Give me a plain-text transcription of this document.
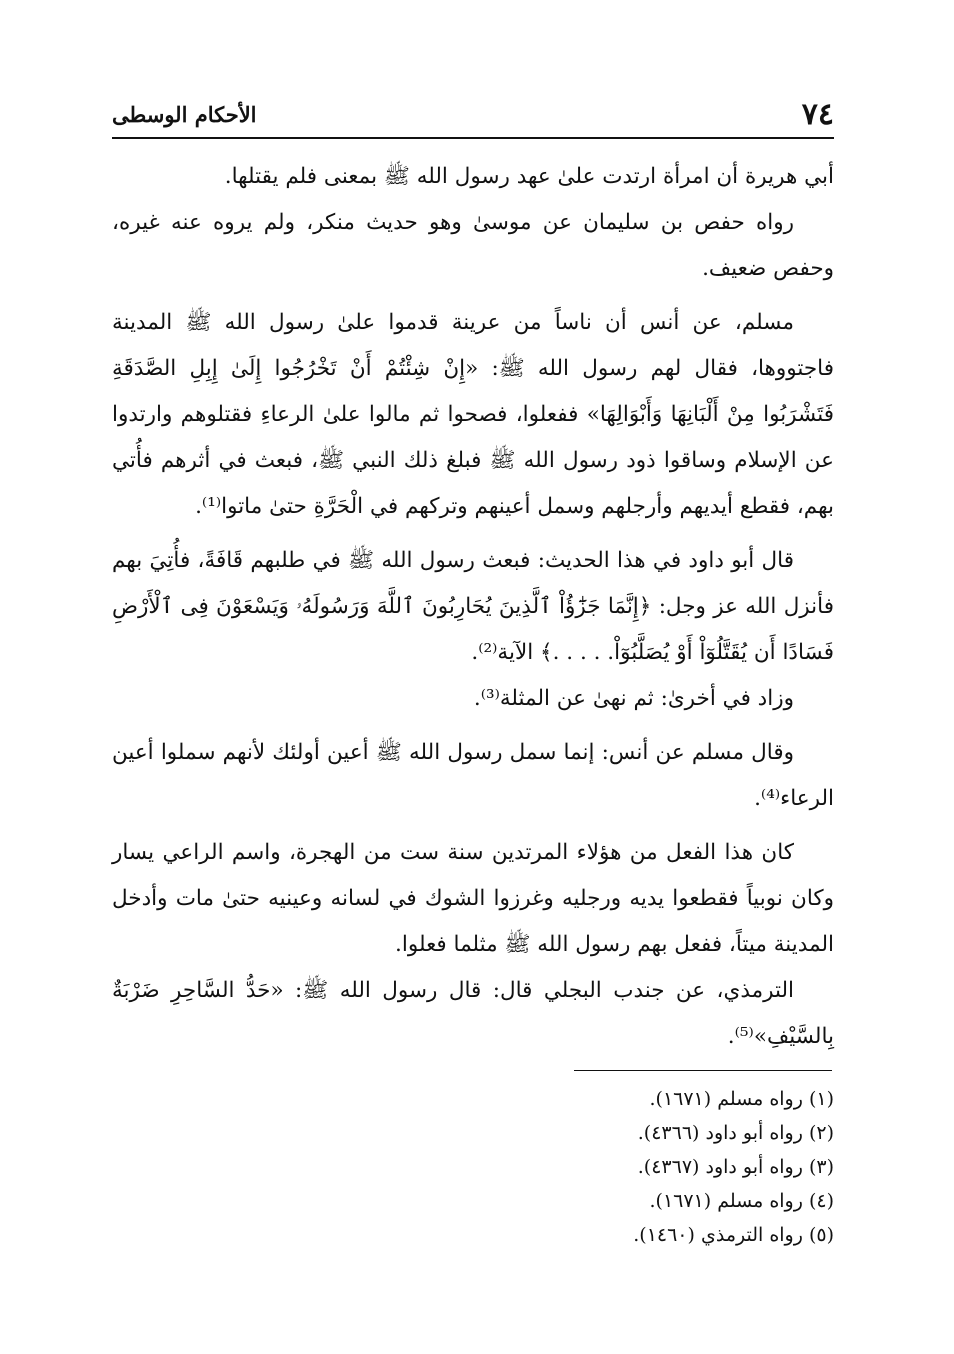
٧٤
الأحكام الوسطى

أبي هريرة أن امرأة ارتدت علىٰ عهد رسول الله ﷺ بمعنى فلم يقتلها.

رواه حفص بن سليمان عن موسىٰ وهو حديث منكر، ولم يروه عنه غيره، وحفص ضعيف.

مسلم، عن أنس أن ناساً من عرينة قدموا علىٰ رسول الله ﷺ المدينة فاجتووها، فقال لهم رسول الله ﷺ: «إِنْ شِئْتُمْ أَنْ تَخْرُجُوا إِلَىٰ إِبِلِ الصَّدَقَةِ فَتَشْرَبُوا مِنْ أَلْبَانِهَا وَأَبْوَالِهَا» ففعلوا، فصحوا ثم مالوا علىٰ الرعاءِ فقتلوهم وارتدوا عن الإسلام وساقوا ذود رسول الله ﷺ فبلغ ذلك النبي ﷺ، فبعث في أثرهم فأُتي بهم، فقطع أيديهم وأرجلهم وسمل أعينهم وتركهم في الْحَرَّةِ حتىٰ ماتوا⁽¹⁾.

قال أبو داود في هذا الحديث: فبعث رسول الله ﷺ في طلبهم قَافَةً، فأُتِيَ بهم فأنزل الله عز وجل: ﴿إِنَّمَا جَزَٰٓؤُاْ ٱلَّذِينَ يُحَارِبُونَ ٱللَّهَ وَرَسُولَهُۥ وَيَسْعَوْنَ فِى ٱلْأَرْضِ فَسَادًا أَن يُقَتَّلُوٓاْ أَوْ يُصَلَّبُوٓاْ. . . . .﴾ الآية⁽²⁾.

وزاد في أخرىٰ: ثم نهىٰ عن المثلة⁽³⁾.

وقال مسلم عن أنس: إنما سمل رسول الله ﷺ أعين أولئك لأنهم سملوا أعين الرعاء⁽⁴⁾.

كان هذا الفعل من هؤلاء المرتدين سنة ست من الهجرة، واسم الراعي يسار وكان نوبياً فقطعوا يديه ورجليه وغرزوا الشوك في لسانه وعينيه حتىٰ مات وأدخل المدينة ميتاً، ففعل بهم رسول الله ﷺ مثلما فعلوا.

الترمذي، عن جندب البجلي قال: قال رسول الله ﷺ: «حَدُّ السَّاحِرِ ضَرْبَةٌ بِالسَّيْفِ»⁽⁵⁾.

(١) رواه مسلم (١٦٧١).

(٢) رواه أبو داود (٤٣٦٦).

(٣) رواه أبو داود (٤٣٦٧).

(٤) رواه مسلم (١٦٧١).

(٥) رواه الترمذي (١٤٦٠).
